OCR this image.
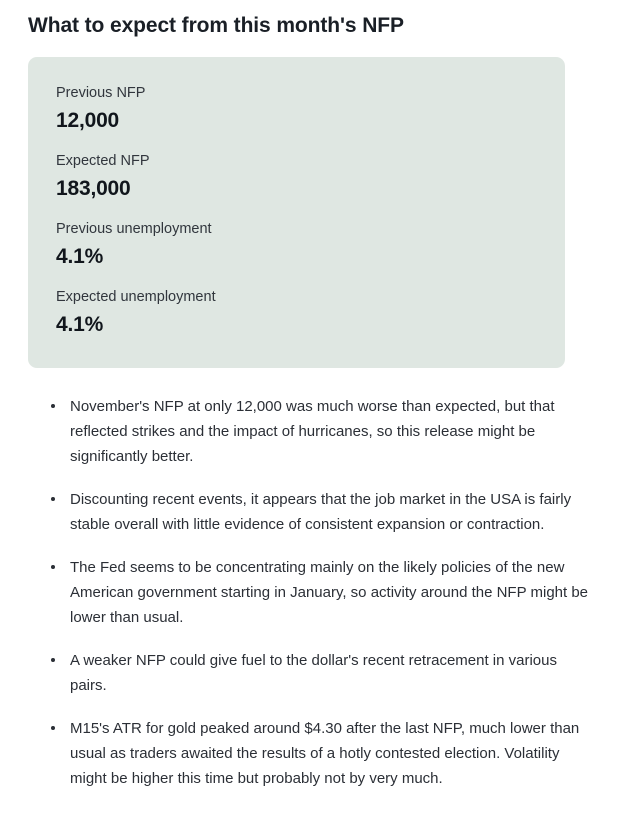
What to expect from this month's NFP
Previous NFP
12,000
Expected NFP
183,000
Previous unemployment
4.1%
Expected unemployment
4.1%
November's NFP at only 12,000 was much worse than expected, but that reflected strikes and the impact of hurricanes, so this release might be significantly better.
Discounting recent events, it appears that the job market in the USA is fairly stable overall with little evidence of consistent expansion or contraction.
The Fed seems to be concentrating mainly on the likely policies of the new American government starting in January, so activity around the NFP might be lower than usual.
A weaker NFP could give fuel to the dollar's recent retracement in various pairs.
M15's ATR for gold peaked around $4.30 after the last NFP, much lower than usual as traders awaited the results of a hotly contested election. Volatility might be higher this time but probably not by very much.
